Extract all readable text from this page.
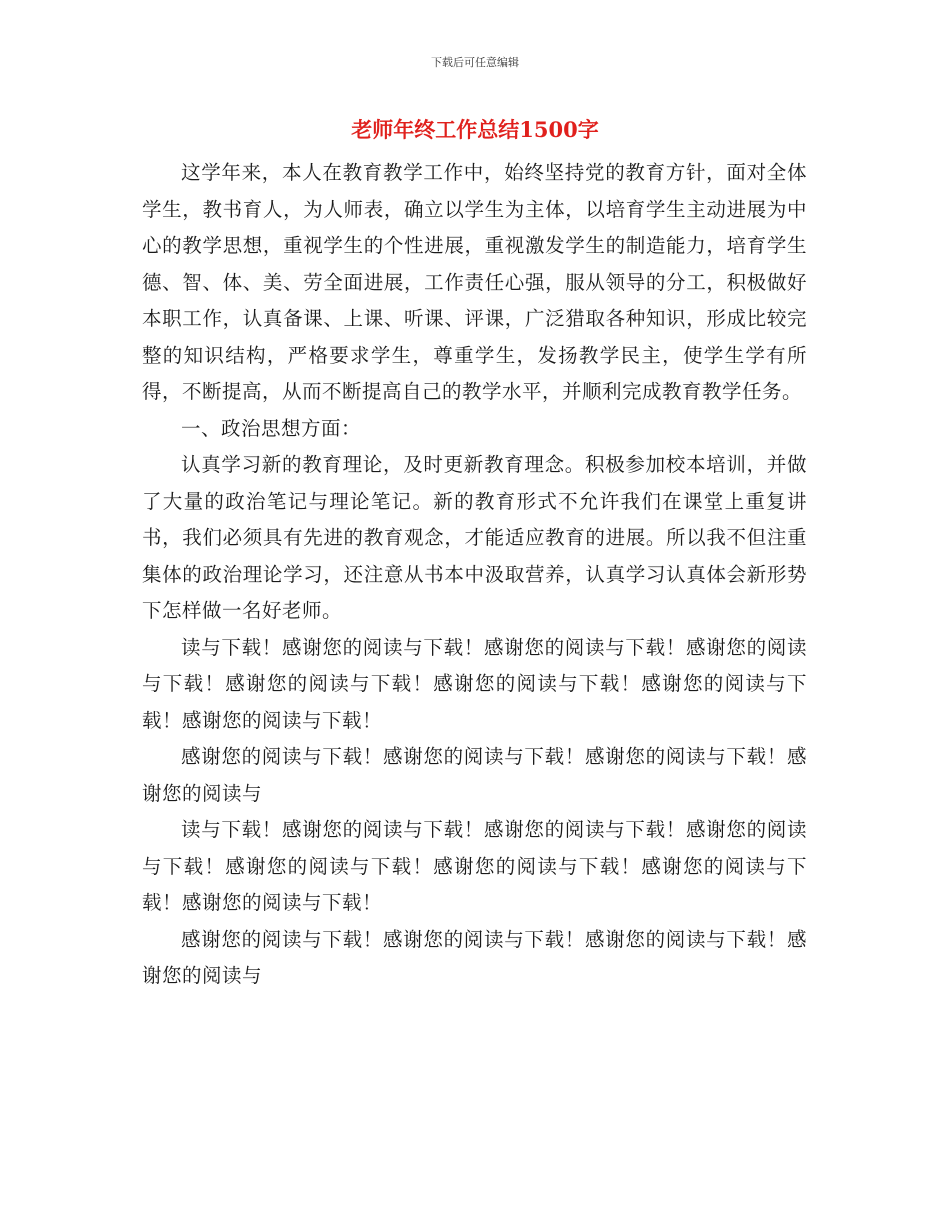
下载后可任意编辑
老师年终工作总结1500字

这学年来，本人在教育教学工作中，始终坚持党的教育方针，面对全体学生，教书育人，为人师表，确立以学生为主体，以培育学生主动进展为中心的教学思想，重视学生的个性进展，重视激发学生的制造能力，培育学生德、智、体、美、劳全面进展，工作责任心强，服从领导的分工，积极做好本职工作，认真备课、上课、听课、评课，广泛猎取各种知识，形成比较完整的知识结构，严格要求学生，尊重学生，发扬教学民主，使学生学有所得，不断提高，从而不断提高自己的教学水平，并顺利完成教育教学任务。

一、政治思想方面：

认真学习新的教育理论，及时更新教育理念。积极参加校本培训，并做了大量的政治笔记与理论笔记。新的教育形式不允许我们在课堂上重复讲书，我们必须具有先进的教育观念，才能适应教育的进展。所以我不但注重集体的政治理论学习，还注意从书本中汲取营养，认真学习认真体会新形势下怎样做一名好老师。

读与下载！感谢您的阅读与下载！感谢您的阅读与下载！感谢您的阅读与下载！感谢您的阅读与下载！感谢您的阅读与下载！感谢您的阅读与下载！感谢您的阅读与下载！

感谢您的阅读与下载！感谢您的阅读与下载！感谢您的阅读与下载！感谢您的阅读与

读与下载！感谢您的阅读与下载！感谢您的阅读与下载！感谢您的阅读与下载！感谢您的阅读与下载！感谢您的阅读与下载！感谢您的阅读与下载！感谢您的阅读与下载！

感谢您的阅读与下载！感谢您的阅读与下载！感谢您的阅读与下载！感谢您的阅读与
